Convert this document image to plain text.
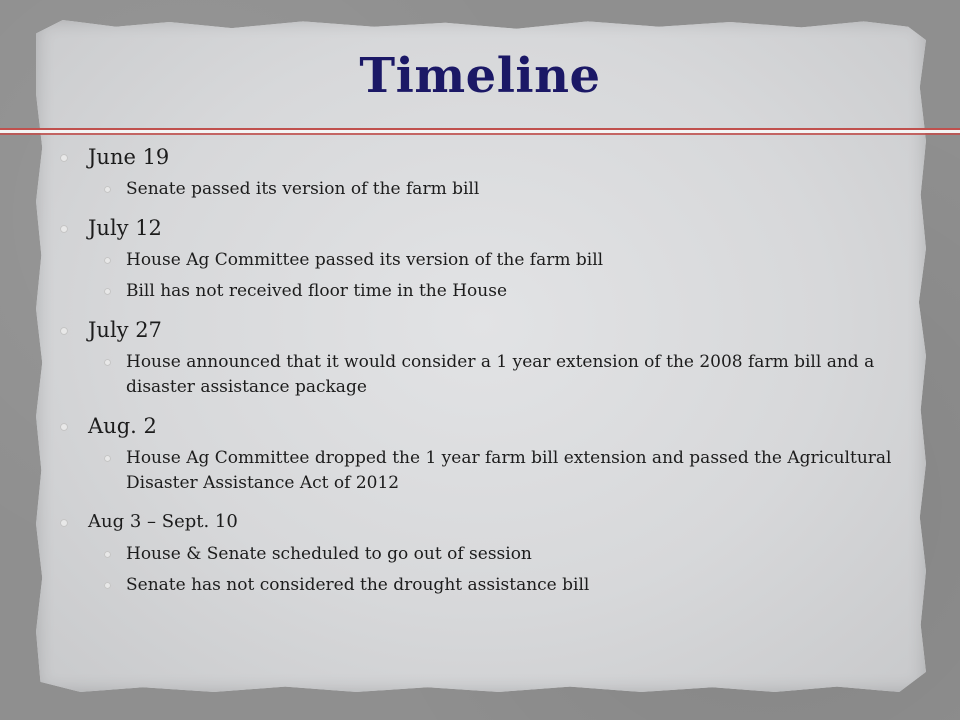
Timeline
June 19
Senate passed its version of the farm bill
July 12
House Ag Committee passed its version of the farm bill
Bill has not received floor time in the House
July 27
House announced that it would consider a 1 year extension of the 2008 farm bill and a disaster assistance package
Aug. 2
House Ag Committee dropped the 1 year farm bill extension and passed the Agricultural Disaster Assistance Act of 2012
Aug 3 – Sept. 10
House & Senate scheduled to go out of session
Senate has not considered the drought assistance bill
